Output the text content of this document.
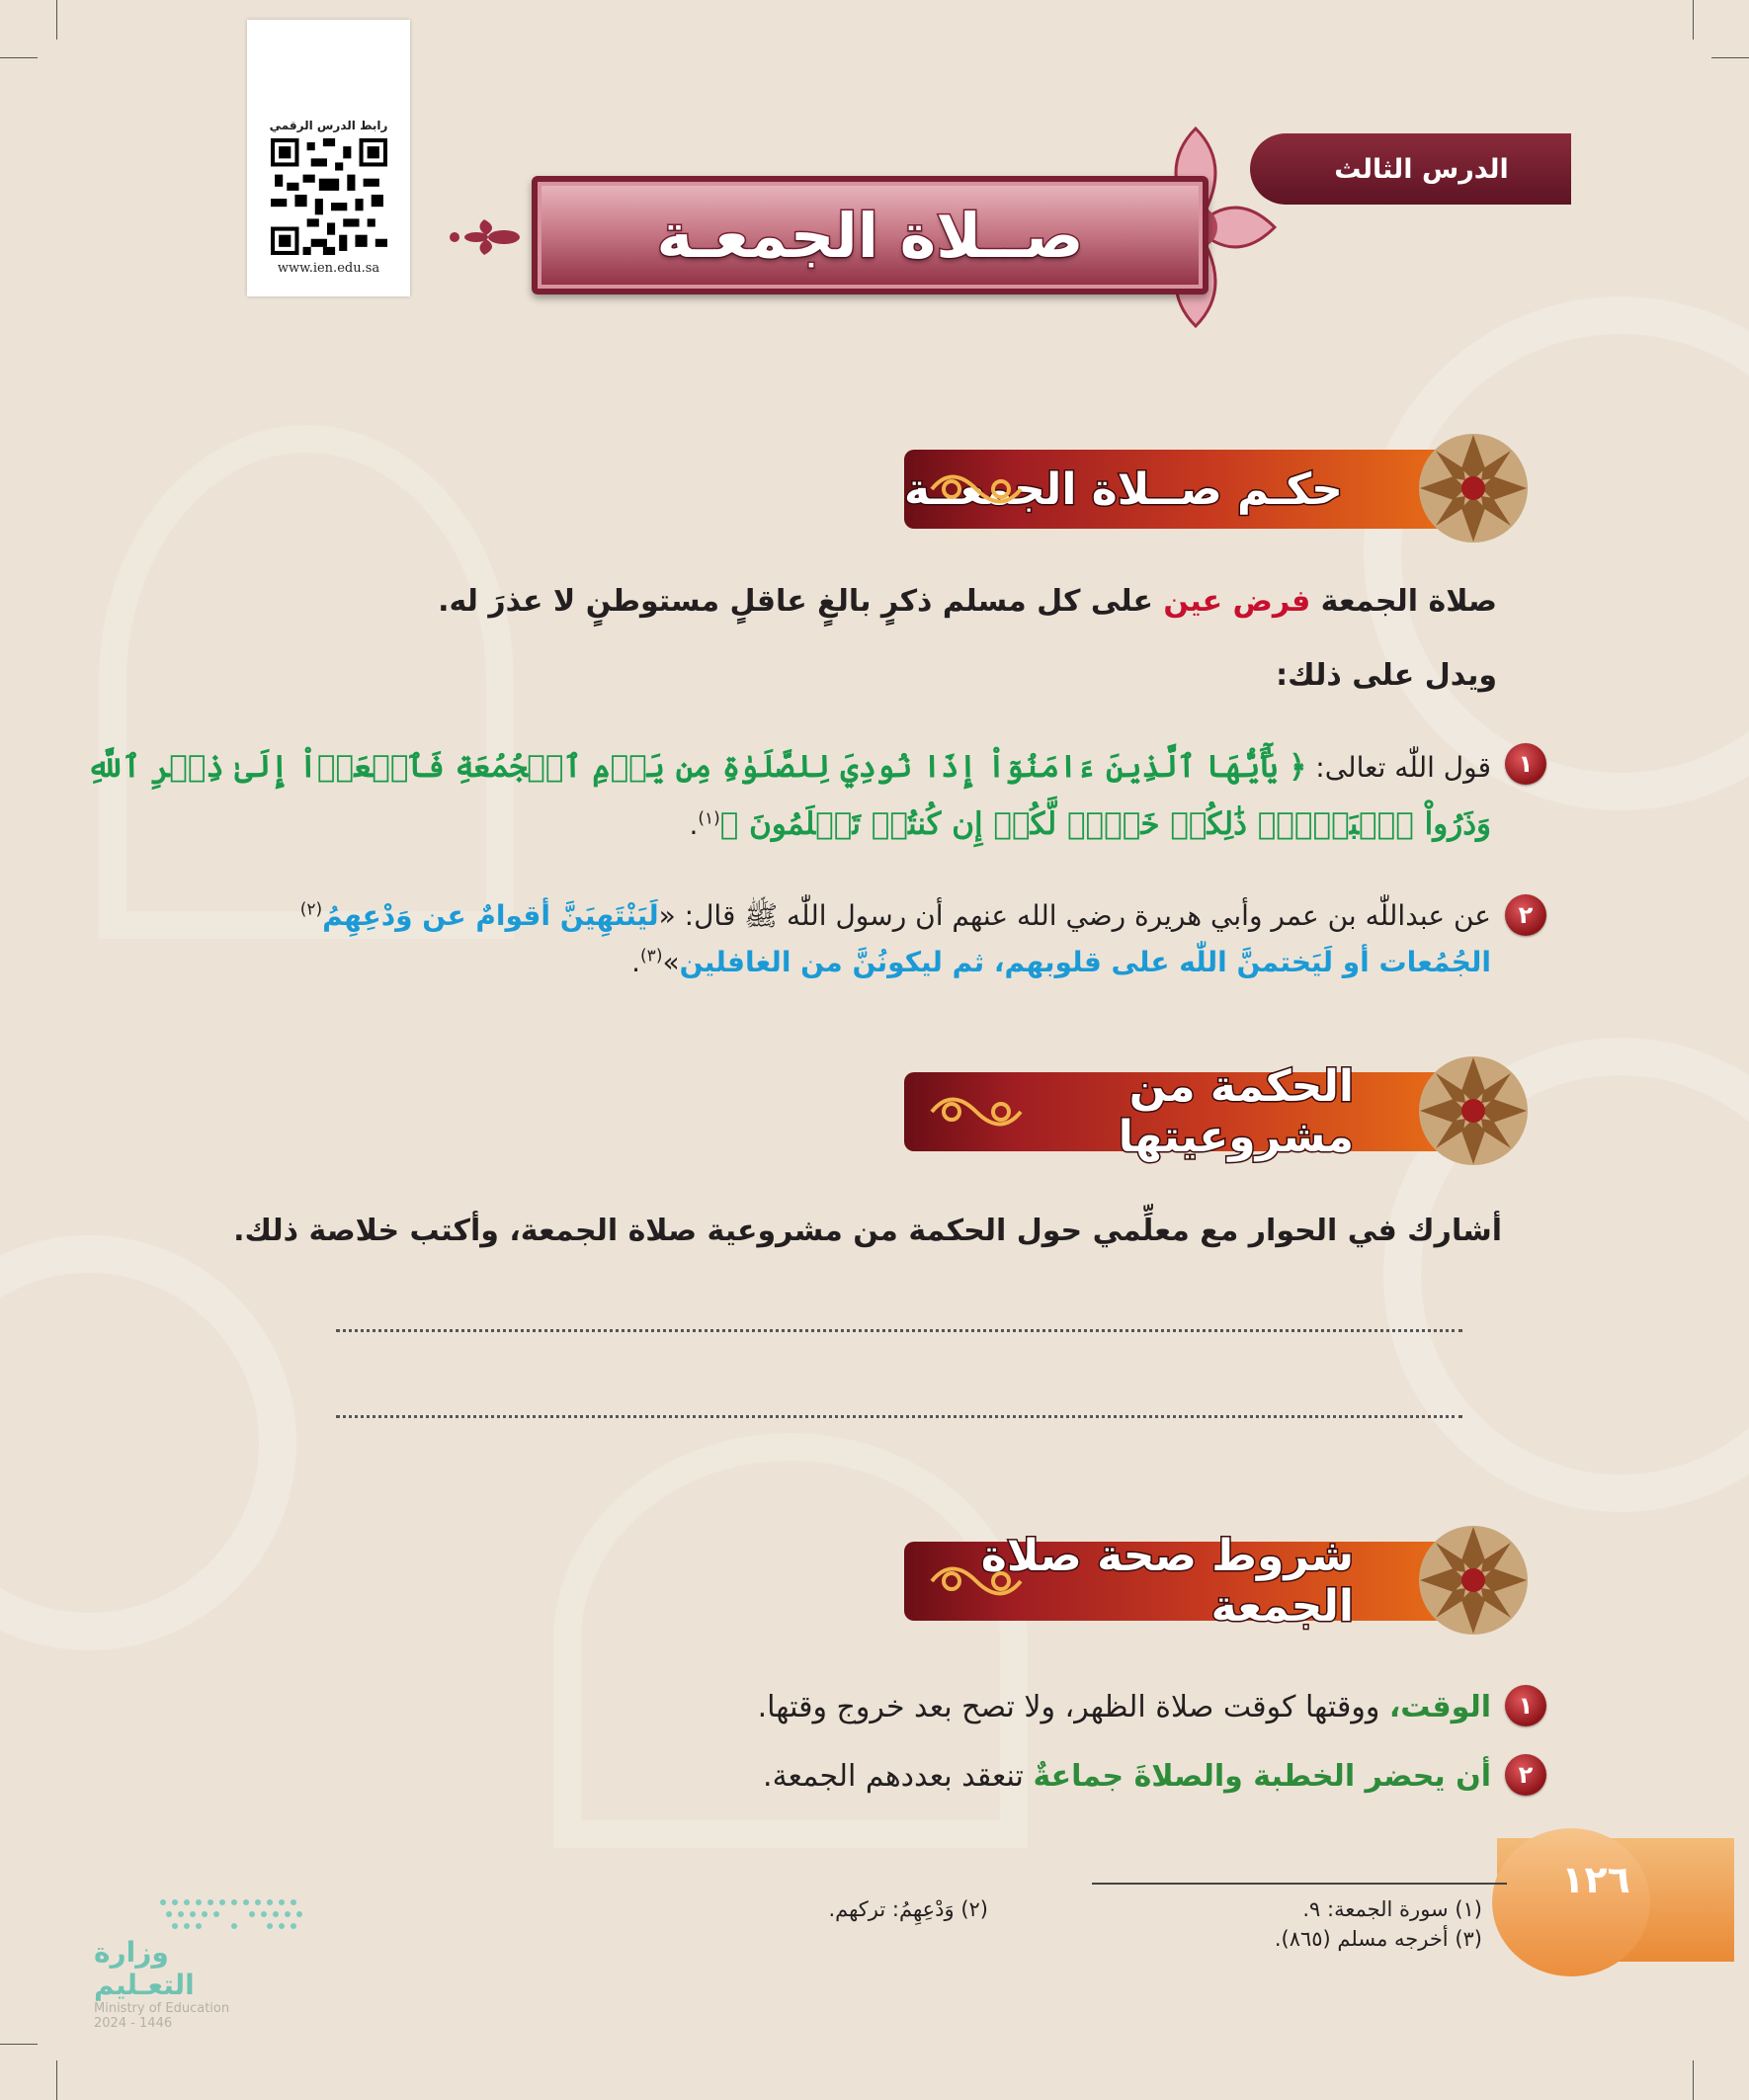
رابط الدرس الرقمي
www.ien.edu.sa
الدرس الثالث
صــلاة الجمعـة
حكـم صــلاة الجمعــة

صلاة الجمعة فرض عين على كل مسلم ذكرٍ بالغٍ عاقلٍ مستوطنٍ لا عذرَ له.

ويدل على ذلك:

١
قول اللّٰه تعالى: ﴿ يَٰٓأَيُّهَا ٱلَّذِينَ ءَامَنُوٓاْ إِذَا نُودِيَ لِلصَّلَوٰةِ مِن يَوۡمِ ٱلۡجُمُعَةِ فَٱسۡعَوۡاْ إِلَىٰ ذِكۡرِ ٱللَّهِ
وَذَرُواْ ٱلۡبَيۡعَۚ ذَٰلِكُمۡ خَيۡرٞ لَّكُمۡ إِن كُنتُمۡ تَعۡلَمُونَ ﴾$^{(١)}$.
٢
عن عبداللّٰه بن عمر وأبي هريرة رضي الله عنهم أن رسول اللّٰه ﷺ قال: «لَيَنْتَهِيَنَّ أقوامٌ عن وَدْعِهِمُ$^{(٢)}$
الجُمُعات أو لَيَختمنَّ اللّٰه على قلوبهم، ثم ليكونُنَّ من الغافلين»$^{(٣)}$.
الحكمة من مشروعيتها

أشارك في الحوار مع معلِّمي حول الحكمة من مشروعية صلاة الجمعة، وأكتب خلاصة ذلك.

شروط صحة صلاة الجمعة
١
الوقت، ووقتها كوقت صلاة الظهر، ولا تصح بعد خروج وقتها.
٢
أن يحضر الخطبة والصلاةَ جماعةٌ تنعقد بعددهم الجمعة.
١٢٦
(١) سورة الجمعة: ٩.
(٢) وَدْعِهِمُ: تركهم.
(٣) أخرجه مسلم (٨٦٥).
وزارة التعـليم
Ministry of Education
2024 - 1446
